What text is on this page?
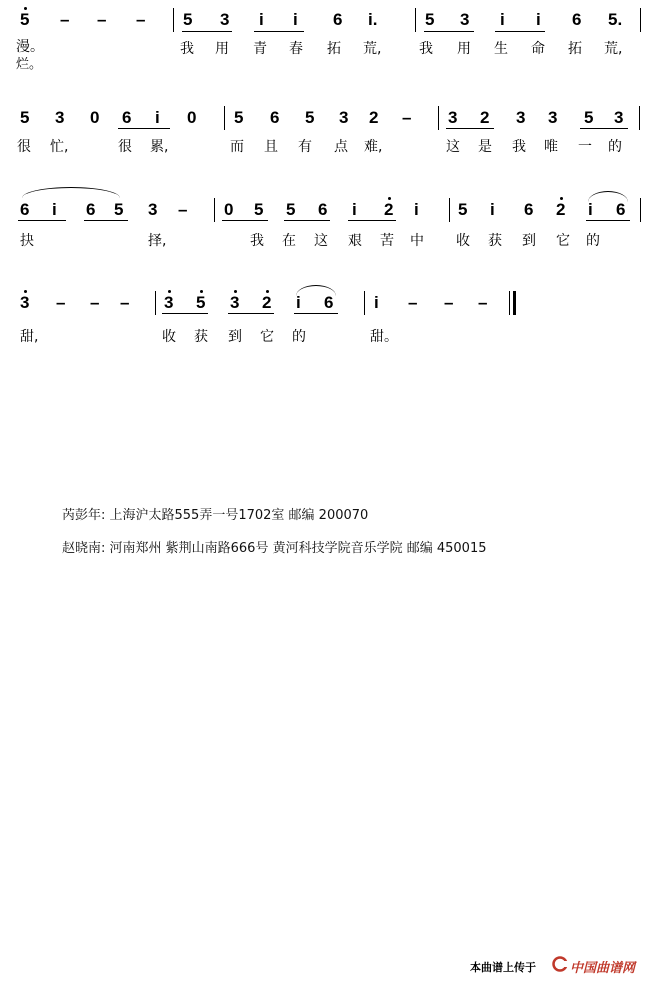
5 – – – 5 3 i i 6 i.	5 3 i i 6 5.
漫。
烂。
我 用 青 春 拓 荒,	我 用 生 命 拓 荒,
5 3 0 6 i 0 5 6 5 3 2 – 3 2 3 3 5 3
很 忙,	很 累,	而 且 有 点 难,	这 是 我 唯 一 的
6 i 6 5 3 – 0 5 5 6 i 2 i 5 i 6 2 i 6
抉	择,	我 在 这 艰 苦 中 收 获 到 它 的
3 – – – 3 5 3 2 i 6 i – – –
甜,	收 获 到 它 的	甜。
芮彭年: 上海沪太路555弄一号1702室 邮编 200070
赵晓南: 河南郑州 紫荆山南路666号 黄河科技学院音乐学院 邮编 450015
本曲谱上传于	中国曲谱网
